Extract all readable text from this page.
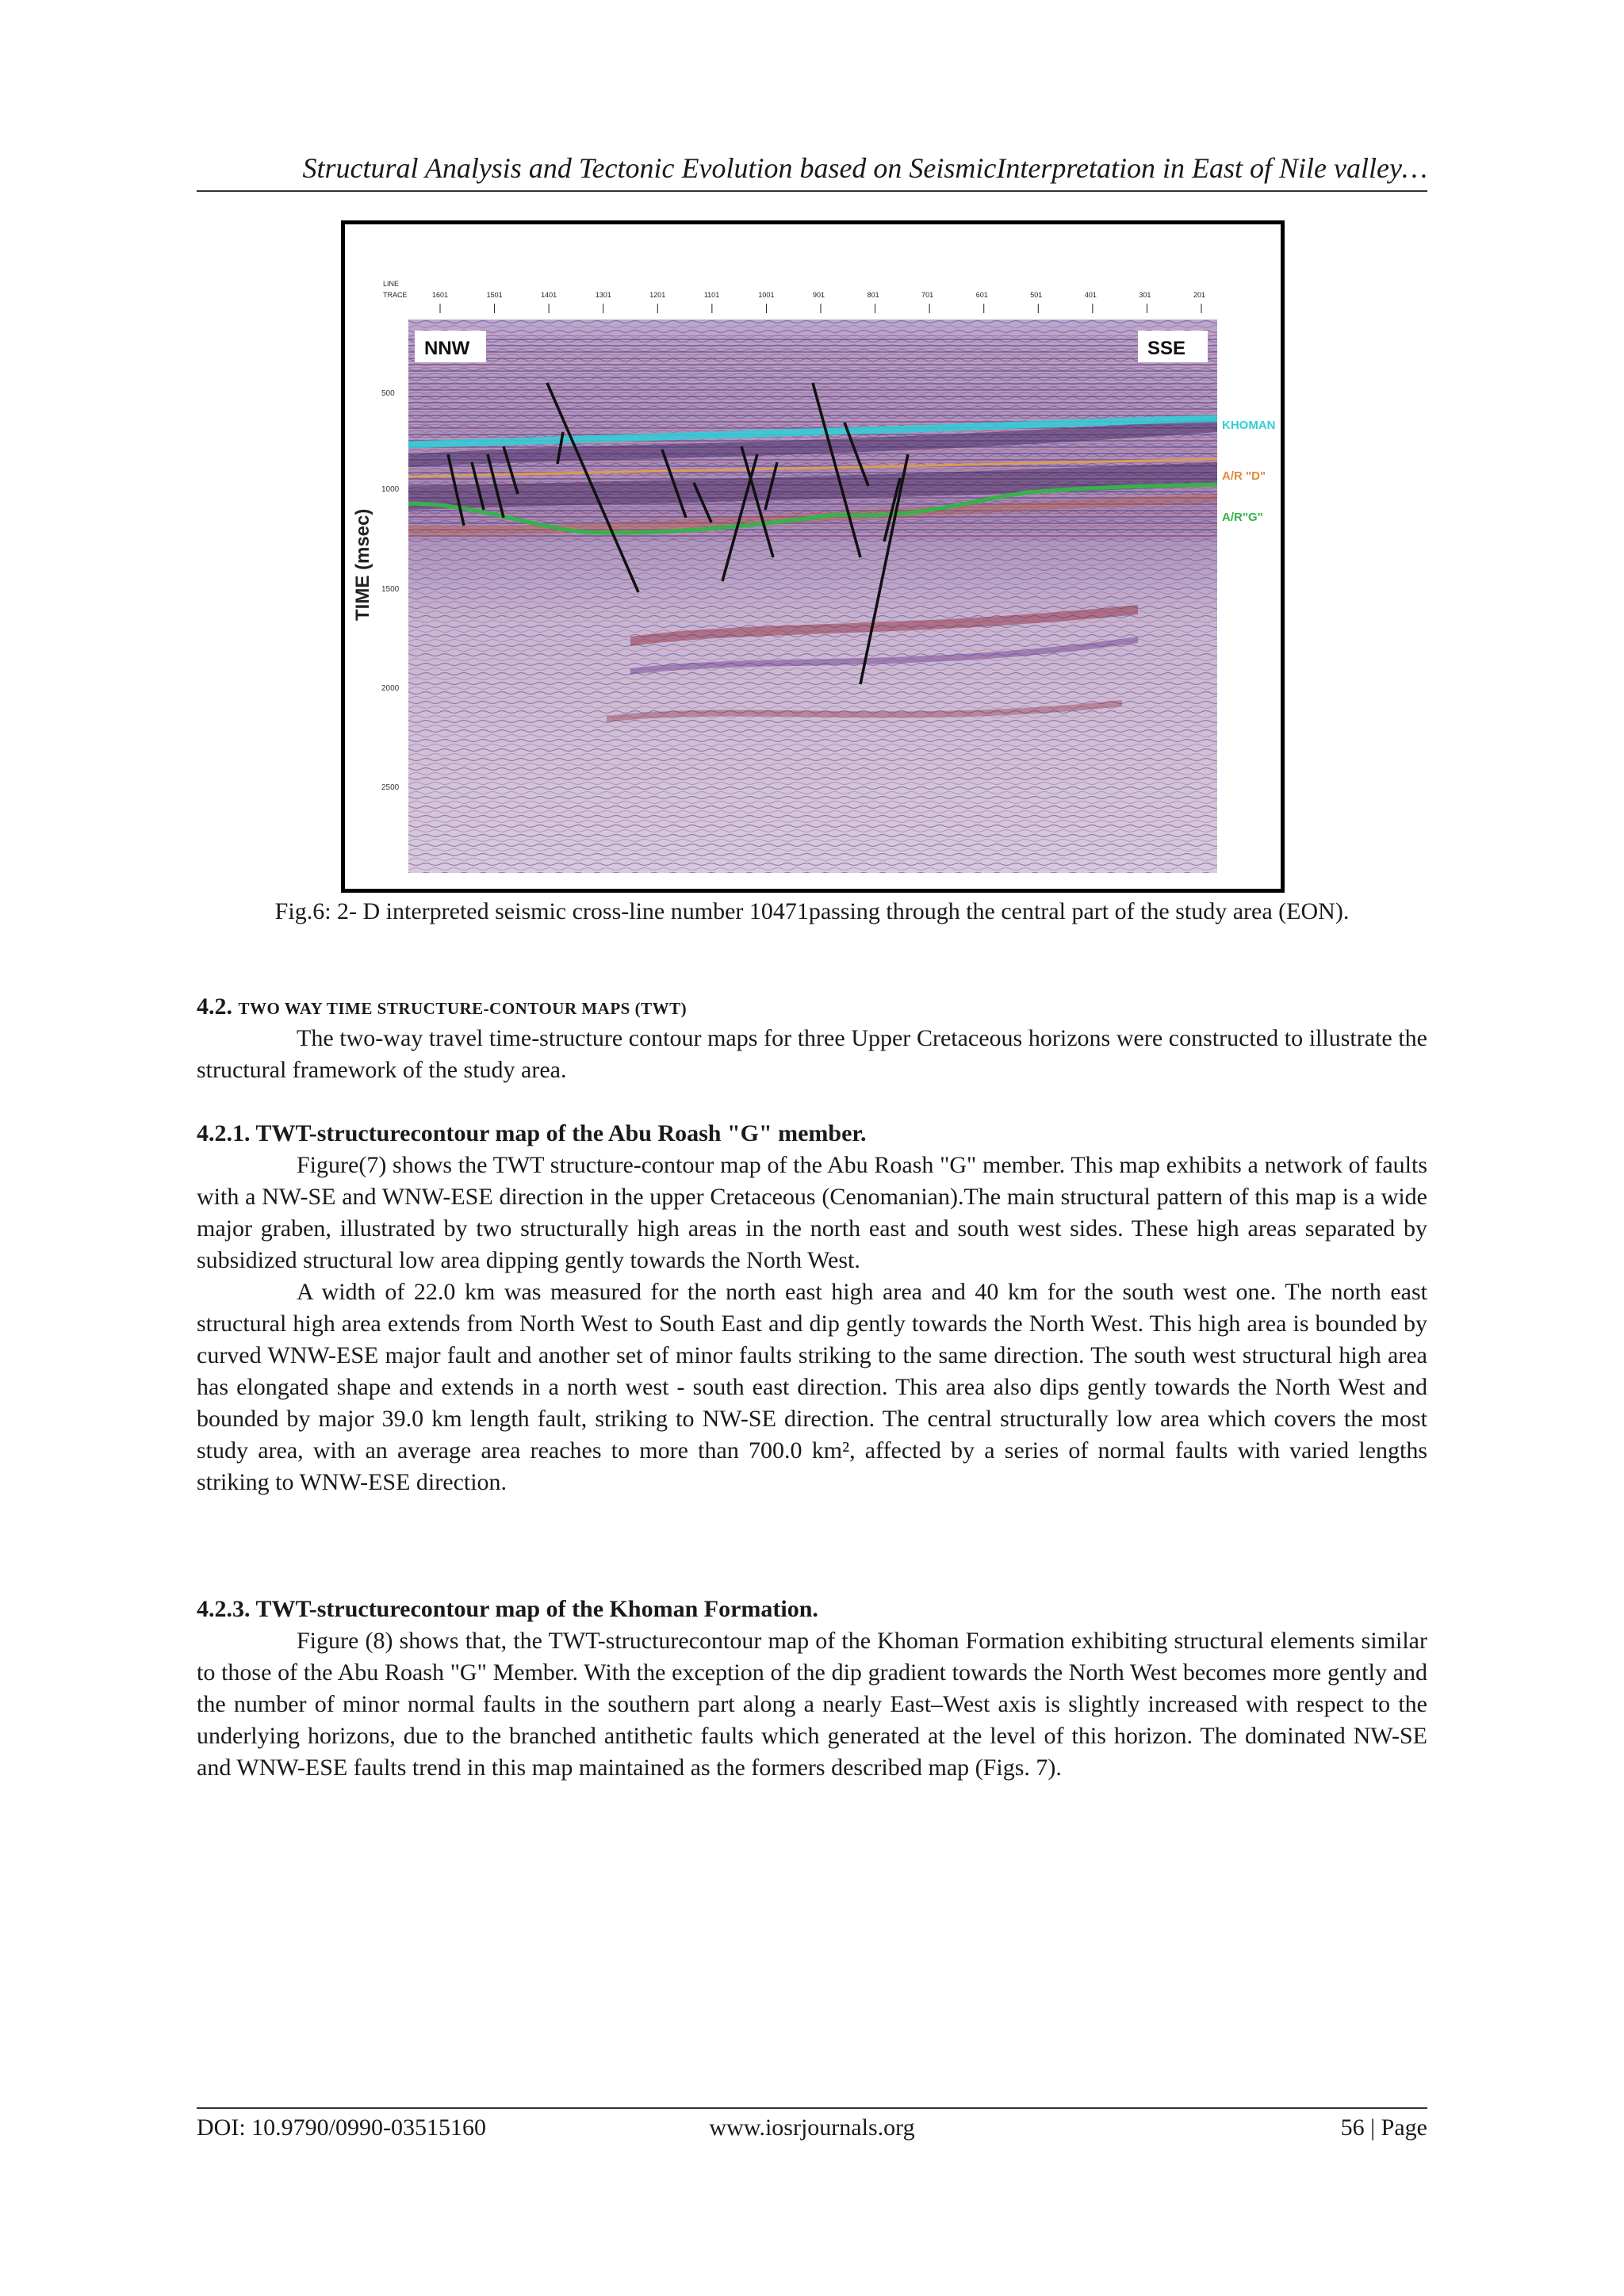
Structural Analysis and Tectonic Evolution based on SeismicInterpretation in East of Nile valley…
TIME (msec)
500
1000
1500
2000
2500
LINE
TRACE	1601	1501	1401	1301	1201	1101	1001	901	801	701	601	501	401	301	201
NNW	SSE
KHOMAN
A/R "D"
A/R"G"
Fig.6: 2- D interpreted seismic cross-line number 10471passing through the central part of the study area (EON).
4.2. TWO WAY TIME STRUCTURE-CONTOUR MAPS (TWT)

The two-way travel time-structure contour maps for three Upper Cretaceous horizons were constructed to illustrate the structural framework of the study area.

4.2.1. TWT-structurecontour map of the Abu Roash "G" member.

Figure(7) shows the TWT structure-contour map of the Abu Roash "G" member. This map exhibits a network of faults with a NW-SE and WNW-ESE direction in the upper Cretaceous (Cenomanian).The main structural pattern of this map is a wide major graben, illustrated by two structurally high areas in the north east and south west sides. These high areas separated by subsidized structural low area dipping gently towards the North West.

A width of 22.0 km was measured for the north east high area and 40 km for the south west one. The north east structural high area extends from North West to South East and dip gently towards the North West. This high area is bounded by curved WNW-ESE major fault and another set of minor faults striking to the same direction. The south west structural high area has elongated shape and extends in a north west - south east direction. This area also dips gently towards the North West and bounded by major 39.0 km length fault, striking to NW-SE direction. The central structurally low area which covers the most study area, with an average area reaches to more than 700.0 km², affected by a series of normal faults with varied lengths striking to WNW-ESE direction.

4.2.3. TWT-structurecontour map of the Khoman Formation.

Figure (8) shows that, the TWT-structurecontour map of the Khoman Formation exhibiting structural elements similar to those of the Abu Roash "G" Member. With the exception of the dip gradient towards the North West becomes more gently and the number of minor normal faults in the southern part along a nearly East–West axis is slightly increased with respect to the underlying horizons, due to the branched antithetic faults which generated at the level of this horizon. The dominated NW-SE and WNW-ESE faults trend in this map maintained as the formers described map (Figs. 7).

DOI: 10.9790/0990-03515160	www.iosrjournals.org	56 | Page
